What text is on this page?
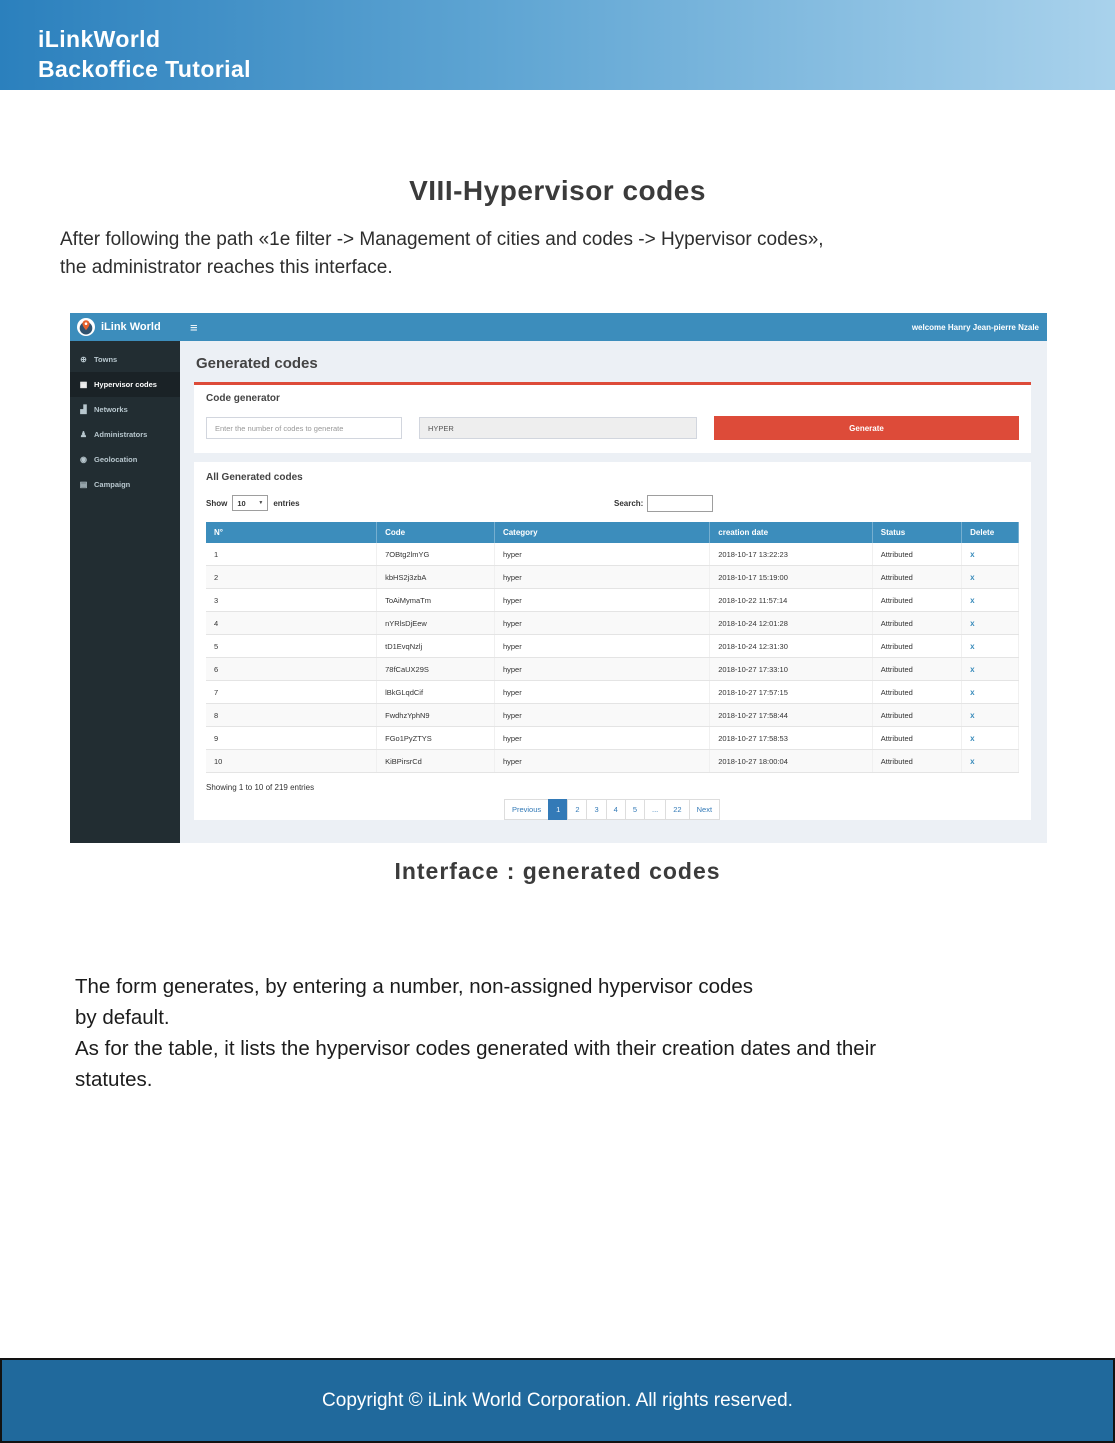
iLinkWorld
Backoffice Tutorial
VIII-Hypervisor codes
After following the path «1e filter -> Management of cities and codes -> Hypervisor codes»,
the administrator reaches this interface.
iLink World ≡	welcome Hanry Jean-pierre Nzale
⊕ Towns
▦ Hypervisor codes
▟ Networks
♟ Administrators
◉ Geolocation
▤ Campaign
Generated codes
Code generator
Enter the number of codes to generate
HYPER
Generate
All Generated codes
Show 10	▼ entries	Search:
N°	Code	Category	creation date	Status	Delete
1	7OBtg2lmYG	hyper	2018-10-17 13:22:23	Attributed	x
2	kbHS2j3zbA	hyper	2018-10-17 15:19:00	Attributed	x
3	ToAiMymaTm	hyper	2018-10-22 11:57:14	Attributed	x
4	nYRlsDjEew	hyper	2018-10-24 12:01:28	Attributed	x
5	tD1EvqNzlj	hyper	2018-10-24 12:31:30	Attributed	x
6	78fCaUX29S	hyper	2018-10-27 17:33:10	Attributed	x
7	lBkGLqdCif	hyper	2018-10-27 17:57:15	Attributed	x
8	FwdhzYphN9	hyper	2018-10-27 17:58:44	Attributed	x
9	FGo1PyZTYS	hyper	2018-10-27 17:58:53	Attributed	x
10	KiBPirsrCd	hyper	2018-10-27 18:00:04	Attributed	x
Showing 1 to 10 of 219 entries
Previous	1	2	3	4	5	...	22	Next
Interface : generated codes
The form generates, by entering a number, non-assigned hypervisor codes
by default.
As for the table, it lists the hypervisor codes generated with their creation dates and their
statutes.
Copyright © iLink World Corporation. All rights reserved.
